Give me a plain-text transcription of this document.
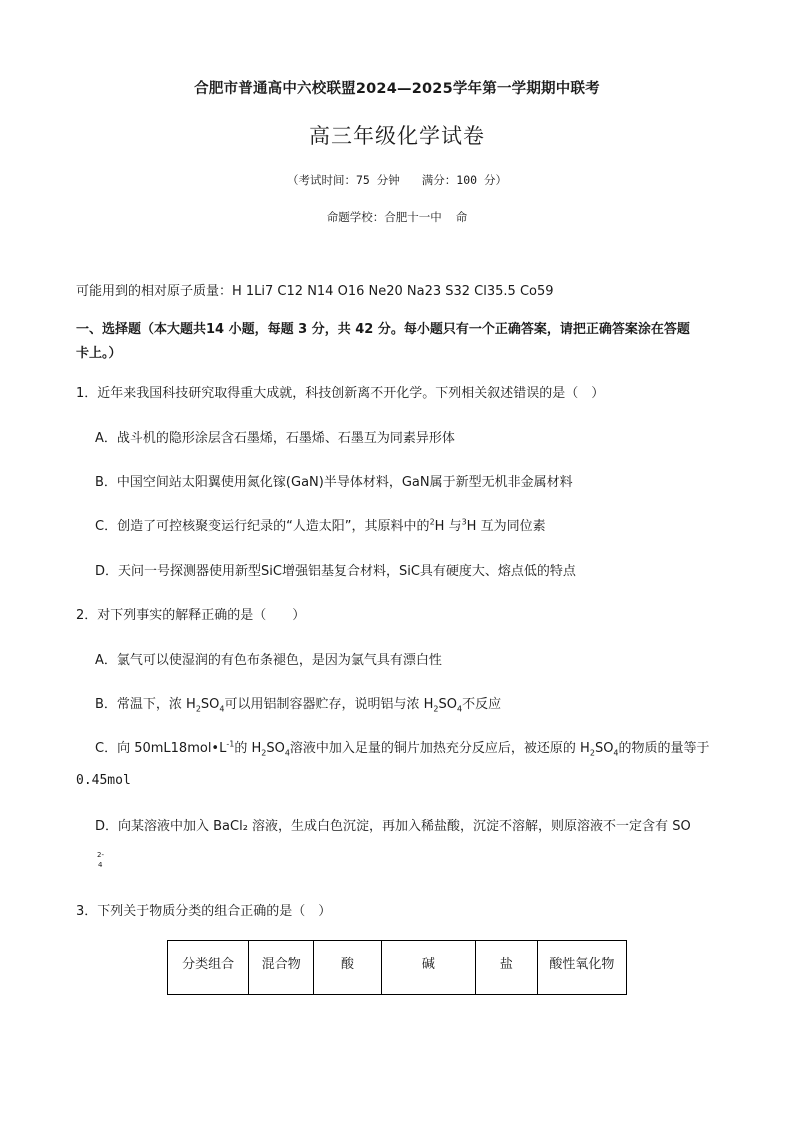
合肥市普通高中六校联盟2024—2025学年第一学期期中联考
高三年级化学试卷
（考试时间：75 分钟 满分：100 分）
命题学校：合肥十一中 命
可能用到的相对原子质量：H 1Li7 C12 N14 O16 Ne20 Na23 S32 Cl35.5 Co59
一、选择题（本大题共14 小题，每题 3 分，共 42 分。每小题只有一个正确答案，请把正确答案涂在答题
卡上。）
1．近年来我国科技研究取得重大成就，科技创新离不开化学。下列相关叙述错误的是（　）
A．战斗机的隐形涂层含石墨烯，石墨烯、石墨互为同素异形体
B．中国空间站太阳翼使用氮化镓(GaN)半导体材料，GaN属于新型无机非金属材料
C．创造了可控核聚变运行纪录的“人造太阳”，其原料中的$^2$H 与$^3$H 互为同位素
D．天问一号探测器使用新型SiC增强铝基复合材料，SiC具有硬度大、熔点低的特点
2．对下列事实的解释正确的是（　　）
A．氯气可以使湿润的有色布条褪色，是因为氯气具有漂白性
B．常温下，浓 $H_2SO_4$可以用铝制容器贮存，说明铝与浓 $H_2SO_4$不反应
C．向 $50mL18mol•L^{-1}$的 $H_2SO_4$溶液中加入足量的铜片加热充分反应后，被还原的 $H_2SO_4$的物质的量等于
0.45mol
D．向某溶液中加入 BaCl₂ 溶液，生成白色沉淀，再加入稀盐酸，沉淀不溶解，则原溶液不一定含有 SO
2-
4
3．下列关于物质分类的组合正确的是（　）
分类组合	混合物	酸	碱	盐	酸性氧化物
